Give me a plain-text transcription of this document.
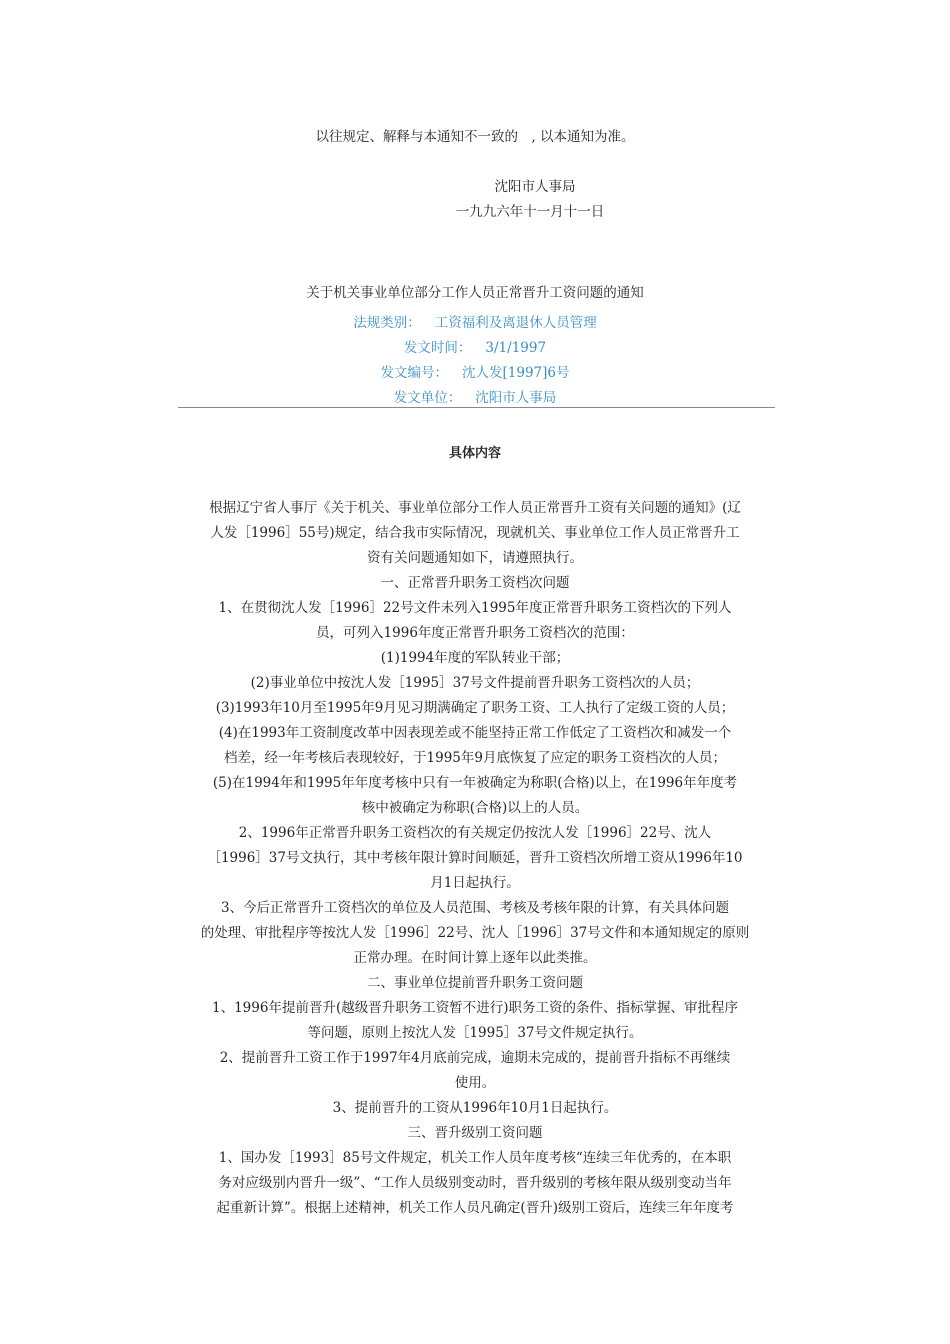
以往规定、解释与本通知不一致的　, 以本通知为准。
沈阳市人事局
一九九六年十一月十一日
关于机关事业单位部分工作人员正常晋升工资问题的通知
法规类别： 工资福利及离退休人员管理
发文时间： 3/1/1997
发文编号： 沈人发[1997]6号
发文单位： 沈阳市人事局
具体内容
根据辽宁省人事厅《关于机关、事业单位部分工作人员正常晋升工资有关问题的通知》(辽
人发［1996］55号)规定，结合我市实际情况，现就机关、事业单位工作人员正常晋升工
资有关问题通知如下，请遵照执行。
一、正常晋升职务工资档次问题
1、在贯彻沈人发［1996］22号文件未列入1995年度正常晋升职务工资档次的下列人
员，可列入1996年度正常晋升职务工资档次的范围：
(1)1994年度的军队转业干部；
(2)事业单位中按沈人发［1995］37号文件提前晋升职务工资档次的人员；
(3)1993年10月至1995年9月见习期满确定了职务工资、工人执行了定级工资的人员；
(4)在1993年工资制度改革中因表现差或不能坚持正常工作低定了工资档次和减发一个
档差，经一年考核后表现较好，于1995年9月底恢复了应定的职务工资档次的人员；
(5)在1994年和1995年年度考核中只有一年被确定为称职(合格)以上，在1996年年度考
核中被确定为称职(合格)以上的人员。
2、1996年正常晋升职务工资档次的有关规定仍按沈人发［1996］22号、沈人
［1996］37号文执行，其中考核年限计算时间顺延，晋升工资档次所增工资从1996年10
月1日起执行。
3、今后正常晋升工资档次的单位及人员范围、考核及考核年限的计算，有关具体问题
的处理、审批程序等按沈人发［1996］22号、沈人［1996］37号文件和本通知规定的原则
正常办理。在时间计算上逐年以此类推。
二、事业单位提前晋升职务工资问题
1、1996年提前晋升(越级晋升职务工资暂不进行)职务工资的条件、指标掌握、审批程序
等问题，原则上按沈人发［1995］37号文件规定执行。
2、提前晋升工资工作于1997年4月底前完成，逾期未完成的，提前晋升指标不再继续
使用。
3、提前晋升的工资从1996年10月1日起执行。
三、晋升级别工资问题
1、国办发［1993］85号文件规定，机关工作人员年度考核“连续三年优秀的，在本职
务对应级别内晋升一级”、“工作人员级别变动时，晋升级别的考核年限从级别变动当年
起重新计算”。根据上述精神，机关工作人员凡确定(晋升)级别工资后，连续三年年度考
